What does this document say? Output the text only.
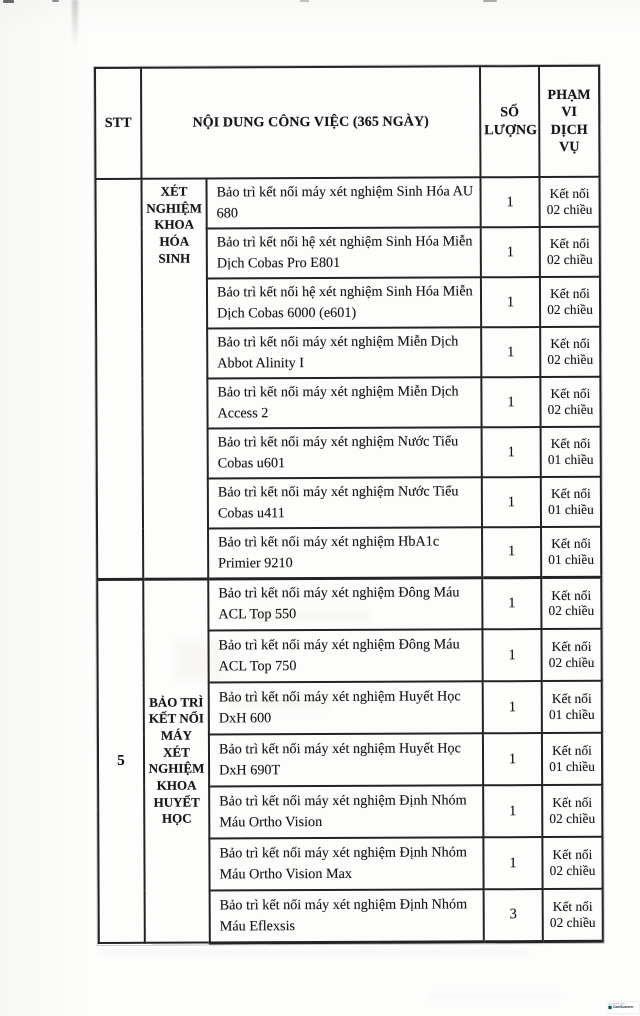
STT	NỘI DUNG CÔNG VIỆC (365 NGÀY)		SỐ LƯỢNG	PHẠM VI DỊCH VỤ
	XÉT NGHIỆM KHOA HÓA SINH	Bảo trì kết nối máy xét nghiệm Sinh Hóa AU 680	1	Kết nối 02 chiều
		Bảo trì kết nối hệ xét nghiệm Sinh Hóa Miễn Dịch Cobas Pro E801	1	Kết nối 02 chiều
		Bảo trì kết nối hệ xét nghiệm Sinh Hóa Miễn Dịch Cobas 6000 (e601)	1	Kết nối 02 chiều
		Bảo trì kết nối máy xét nghiệm Miễn Dịch Abbot Alinity I	1	Kết nối 02 chiều
		Bảo trì kết nối máy xét nghiệm Miễn Dịch Access 2	1	Kết nối 02 chiều
		Bảo trì kết nối máy xét nghiệm Nước Tiểu Cobas u601	1	Kết nối 01 chiều
		Bảo trì kết nối máy xét nghiệm Nước Tiểu Cobas u411	1	Kết nối 01 chiều
		Bảo trì kết nối máy xét nghiệm HbA1c Primier 9210	1	Kết nối 01 chiều
5	BẢO TRÌ KẾT NỐI MÁY XÉT NGHIỆM KHOA HUYẾT HỌC	Bảo trì kết nối máy xét nghiệm Đông Máu ACL Top 550	1	Kết nối 02 chiều
		Bảo trì kết nối máy xét nghiệm Đông Máu ACL Top 750	1	Kết nối 02 chiều
		Bảo trì kết nối máy xét nghiệm Huyết Học DxH 600	1	Kết nối 01 chiều
		Bảo trì kết nối máy xét nghiệm Huyết Học DxH 690T	1	Kết nối 01 chiều
		Bảo trì kết nối máy xét nghiệm Định Nhóm Máu Ortho Vision	1	Kết nối 02 chiều
		Bảo trì kết nối máy xét nghiệm Định Nhóm Máu Ortho Vision Max	1	Kết nối 02 chiều
		Bảo trì kết nối máy xét nghiệm Định Nhóm Máu Eflexsis	3	Kết nối 02 chiều
Scanned with
CamScanner
